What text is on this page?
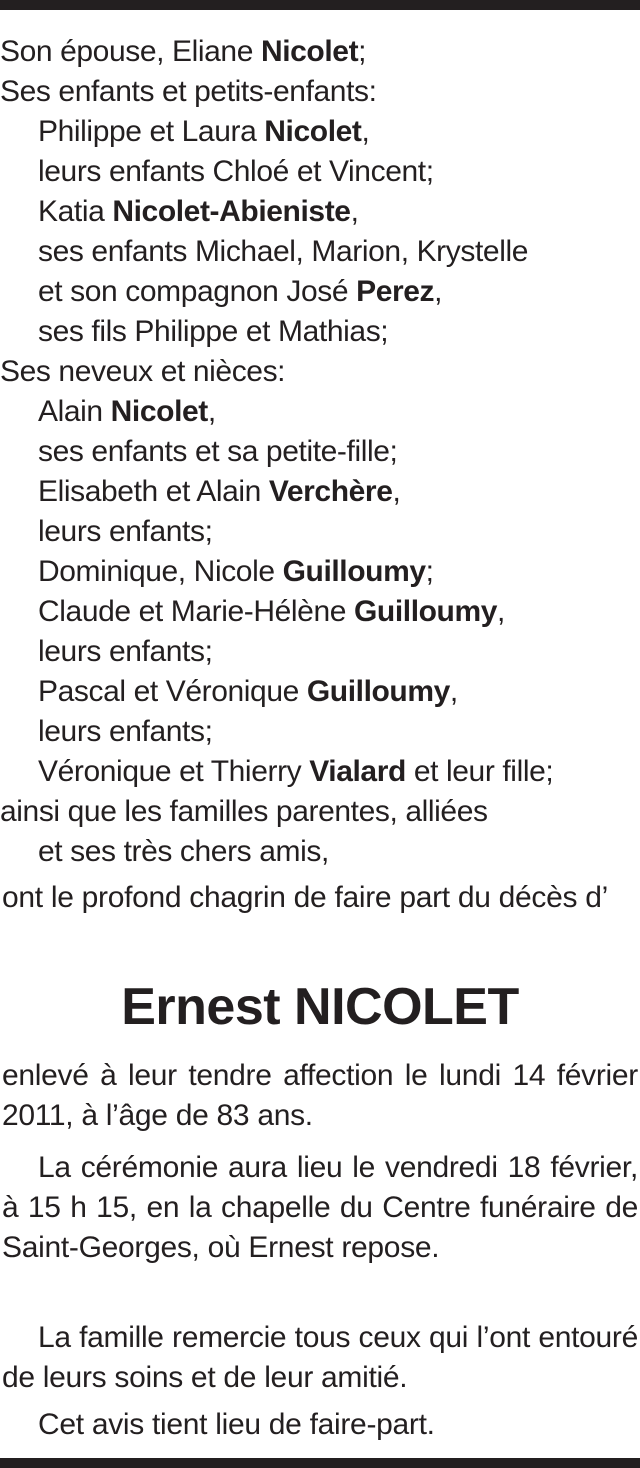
Son épouse, Eliane Nicolet;
Ses enfants et petits-enfants:
Philippe et Laura Nicolet,
leurs enfants Chloé et Vincent;
Katia Nicolet-Abieniste,
ses enfants Michael, Marion, Krystelle
et son compagnon José Perez,
ses fils Philippe et Mathias;
Ses neveux et nièces:
Alain Nicolet,
ses enfants et sa petite-fille;
Elisabeth et Alain Verchère,
leurs enfants;
Dominique, Nicole Guilloumy;
Claude et Marie-Hélène Guilloumy,
leurs enfants;
Pascal et Véronique Guilloumy,
leurs enfants;
Véronique et Thierry Vialard et leur fille;
ainsi que les familles parentes, alliées
et ses très chers amis,
ont le profond chagrin de faire part du décès d’
Ernest NICOLET
enlevé à leur tendre affection le lundi 14 février 2011, à l’âge de 83 ans.
La cérémonie aura lieu le vendredi 18 février, à 15 h 15, en la chapelle du Centre funéraire de Saint-Georges, où Ernest repose.
La famille remercie tous ceux qui l’ont entouré de leurs soins et de leur amitié.
Cet avis tient lieu de faire-part.
